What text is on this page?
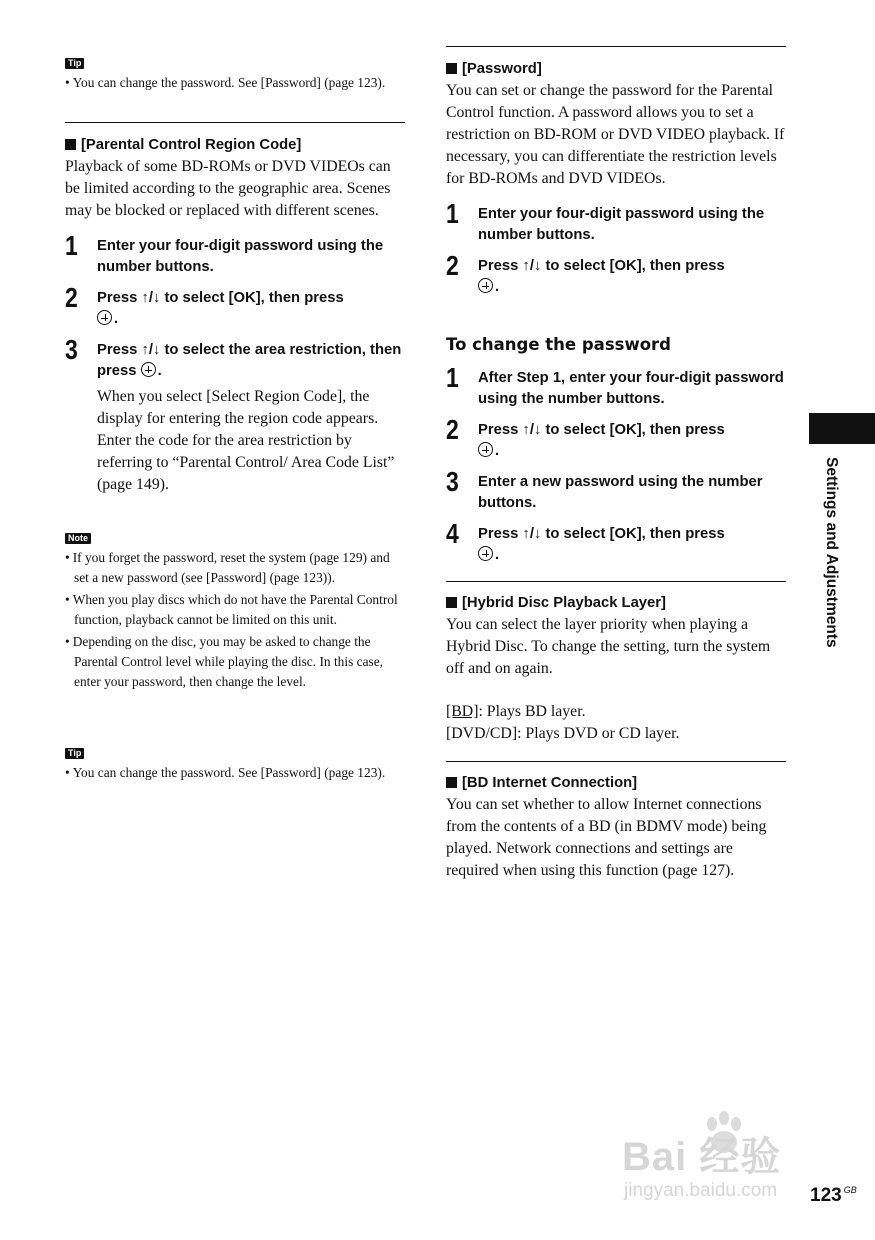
Tip
• You can change the password. See [Password] (page 123).
[Parental Control Region Code]

Playback of some BD-ROMs or DVD VIDEOs can be limited according to the geographic area. Scenes may be blocked or replaced with different scenes.

1 Enter your four-digit password using the number buttons.

2 Press ↑/↓ to select [OK], then press
.

3 Press ↑/↓ to select the area restriction, then press .

When you select [Select Region Code], the display for entering the region code appears. Enter the code for the area restriction by referring to “Parental Control/ Area Code List” (page 149).

Note
• If you forget the password, reset the system (page 129) and set a new password (see [Password] (page 123)).
• When you play discs which do not have the Parental Control function, playback cannot be limited on this unit.
• Depending on the disc, you may be asked to change the Parental Control level while playing the disc. In this case, enter your password, then change the level.
Tip
• You can change the password. See [Password] (page 123).
[Password]

You can set or change the password for the Parental Control function. A password allows you to set a restriction on BD-ROM or DVD VIDEO playback. If necessary, you can differentiate the restriction levels for BD-ROMs and DVD VIDEOs.

1 Enter your four-digit password using the number buttons.

2 Press ↑/↓ to select [OK], then press
.

To change the password
1 After Step 1, enter your four-digit password using the number buttons.

2 Press ↑/↓ to select [OK], then press
.

3 Enter a new password using the number buttons.

4 Press ↑/↓ to select [OK], then press
.

[Hybrid Disc Playback Layer]

You can select the layer priority when playing a Hybrid Disc. To change the setting, turn the system off and on again.

[BD]: Plays BD layer.

[DVD/CD]: Plays DVD or CD layer.

[BD Internet Connection]

You can set whether to allow Internet connections from the contents of a BD (in BDMV mode) being played. Network connections and settings are required when using this function (page 127).

Settings and Adjustments
Bai 经验
jingyan.baidu.com 123 $^{GB}$
